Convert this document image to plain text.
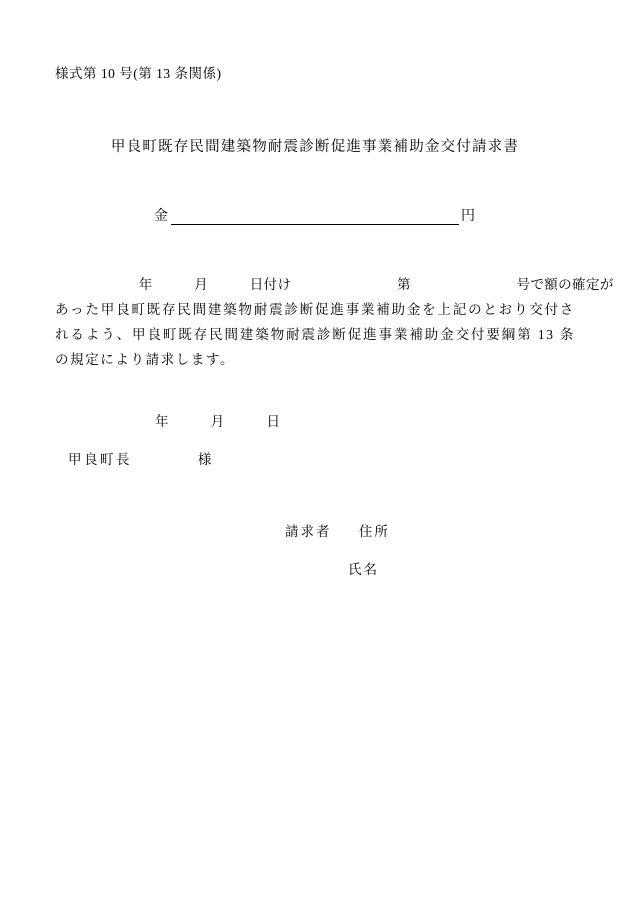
様式第 10 号(第 13 条関係)
甲良町既存民間建築物耐震診断促進事業補助金交付請求書
金	円
年	月	日付け	第	号で額の確定が
あった甲良町既存民間建築物耐震診断促進事業補助金を上記のとおり交付されるよう、甲良町既存民間建築物耐震診断促進事業補助金交付要綱第 13 条の規定により請求します。
年	月	日
甲良町長	様
請求者 住所
氏名
